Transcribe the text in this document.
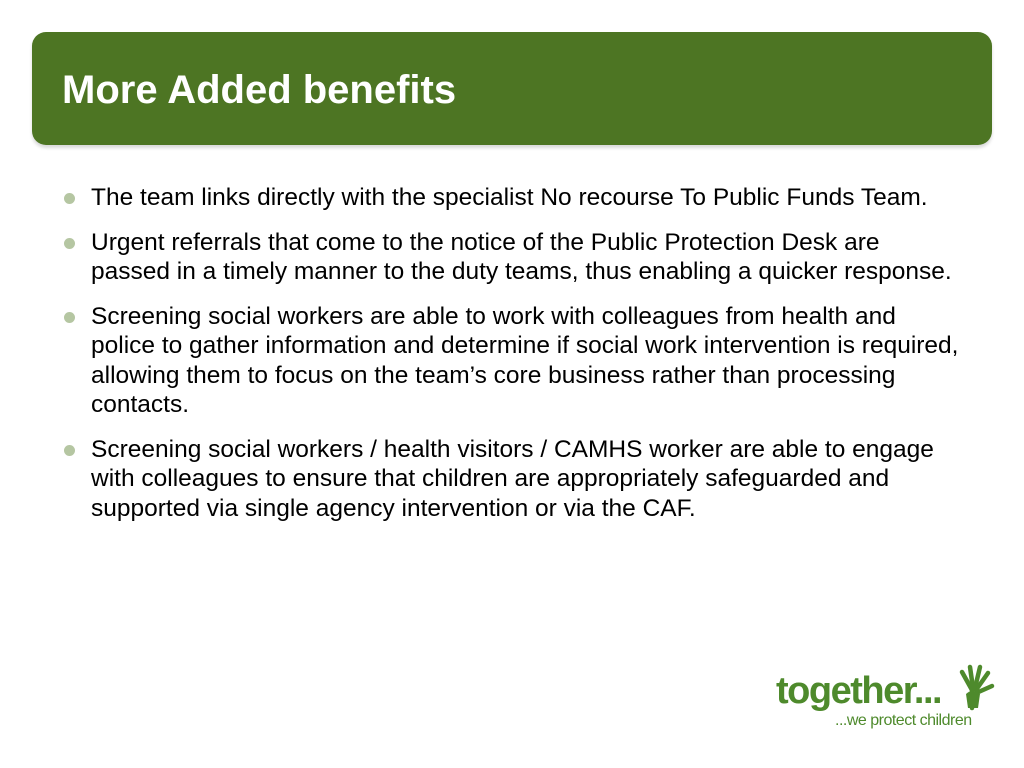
More Added benefits
The team links directly with the specialist No recourse To Public Funds Team.
Urgent referrals that come to the notice of the Public Protection Desk are passed in a timely manner to the duty teams, thus enabling a quicker response.
Screening social workers are able to work with colleagues from health and police to gather information and determine if social work intervention is required, allowing them to focus on the team’s core business rather than processing contacts.
Screening social workers / health visitors / CAMHS worker are able to engage with colleagues to ensure that children are appropriately safeguarded and supported via single agency intervention or via the CAF.
together...
...we protect children
